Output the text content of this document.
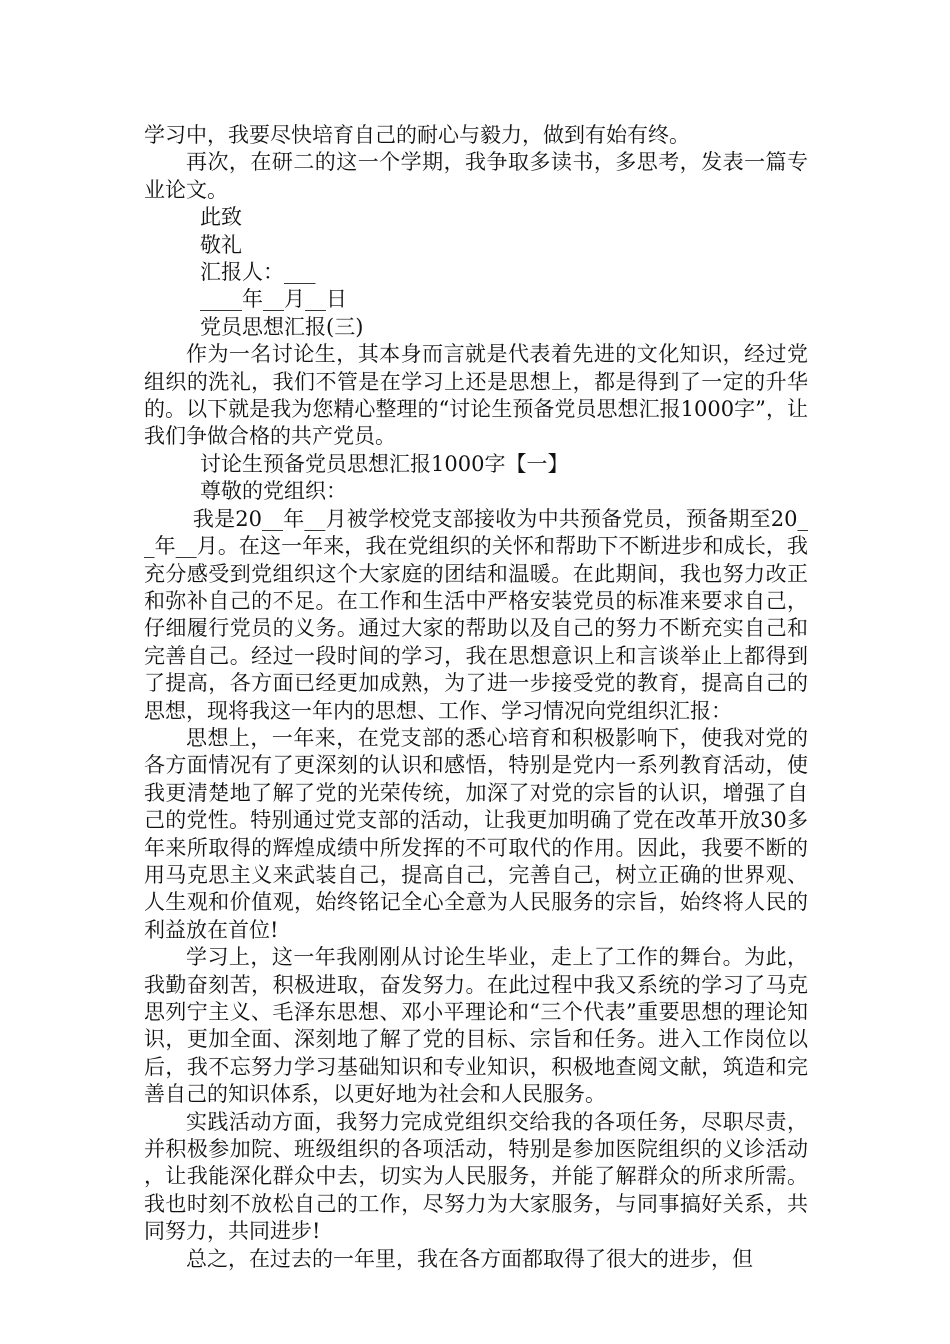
学习中，我要尽快培育自己的耐心与毅力，做到有始有终。

再次，在研二的这一个学期，我争取多读书，多思考，发表一篇专业论文。

此致

敬礼

汇报人：___

____年__月__日

党员思想汇报(三)

作为一名讨论生，其本身而言就是代表着先进的文化知识，经过党组织的洗礼，我们不管是在学习上还是思想上，都是得到了一定的升华的。以下就是我为您精心整理的“讨论生预备党员思想汇报1000字”，让我们争做合格的共产党员。

讨论生预备党员思想汇报1000字【一】

尊敬的党组织：

我是20__年__月被学校党支部接收为中共预备党员，预备期至20__年__月。在这一年来，我在党组织的关怀和帮助下不断进步和成长，我充分感受到党组织这个大家庭的团结和温暖。在此期间，我也努力改正和弥补自己的不足。在工作和生活中严格安装党员的标准来要求自己，仔细履行党员的义务。通过大家的帮助以及自己的努力不断充实自己和完善自己。经过一段时间的学习，我在思想意识上和言谈举止上都得到了提高，各方面已经更加成熟，为了进一步接受党的教育，提高自己的思想，现将我这一年内的思想、工作、学习情况向党组织汇报：

思想上，一年来，在党支部的悉心培育和积极影响下，使我对党的各方面情况有了更深刻的认识和感悟，特别是党内一系列教育活动，使我更清楚地了解了党的光荣传统，加深了对党的宗旨的认识，增强了自己的党性。特别通过党支部的活动，让我更加明确了党在改革开放30多年来所取得的辉煌成绩中所发挥的不可取代的作用。因此，我要不断的用马克思主义来武装自己，提高自己，完善自己，树立正确的世界观、人生观和价值观，始终铭记全心全意为人民服务的宗旨，始终将人民的利益放在首位!

学习上，这一年我刚刚从讨论生毕业，走上了工作的舞台。为此，我勤奋刻苦，积极进取，奋发努力。在此过程中我又系统的学习了马克思列宁主义、毛泽东思想、邓小平理论和“三个代表”重要思想的理论知识，更加全面、深刻地了解了党的目标、宗旨和任务。进入工作岗位以后，我不忘努力学习基础知识和专业知识，积极地查阅文献，筑造和完善自己的知识体系，以更好地为社会和人民服务。

实践活动方面，我努力完成党组织交给我的各项任务，尽职尽责，并积极参加院、班级组织的各项活动，特别是参加医院组织的义诊活动，让我能深化群众中去，切实为人民服务，并能了解群众的所求所需。我也时刻不放松自己的工作，尽努力为大家服务，与同事搞好关系，共同努力，共同进步!

总之，在过去的一年里，我在各方面都取得了很大的进步，但
